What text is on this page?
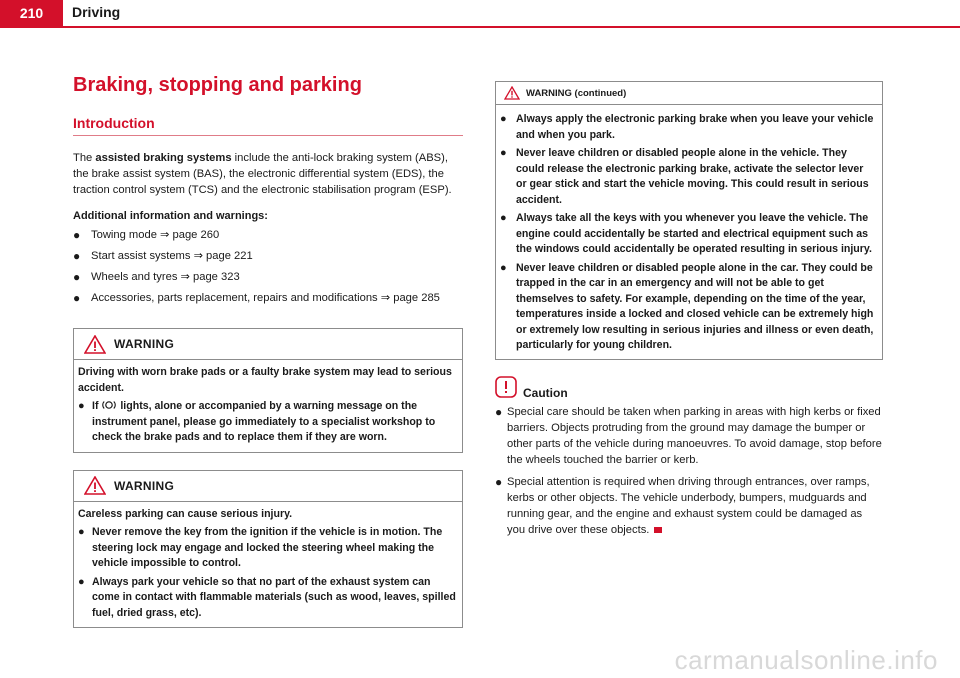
210	Driving
Braking, stopping and parking
Introduction

The assisted braking systems include the anti-lock braking system (ABS), the brake assist system (BAS), the electronic differential system (EDS), the traction control system (TCS) and the electronic stabilisation program (ESP).

Additional information and warnings:
● Towing mode ⇒ page 260
● Start assist systems ⇒ page 221
● Wheels and tyres ⇒ page 323
● Accessories, parts replacement, repairs and modifications ⇒ page 285
WARNING
Driving with worn brake pads or a faulty brake system may lead to serious accident.
● If  lights, alone or accompanied by a warning message on the instrument panel, please go immediately to a specialist workshop to check the brake pads and to replace them if they are worn.
WARNING
Careless parking can cause serious injury.
● Never remove the key from the ignition if the vehicle is in motion. The steering lock may engage and locked the steering wheel making the vehicle impossible to control.
● Always park your vehicle so that no part of the exhaust system can come in contact with flammable materials (such as wood, leaves, spilled fuel, dried grass, etc).
WARNING (continued)
● Always apply the electronic parking brake when you leave your vehicle and when you park.
● Never leave children or disabled people alone in the vehicle. They could release the electronic parking brake, activate the selector lever or gear stick and start the vehicle moving. This could result in serious accident.
● Always take all the keys with you whenever you leave the vehicle. The engine could accidentally be started and electrical equipment such as the windows could accidentally be operated resulting in serious injury.
● Never leave children or disabled people alone in the car. They could be trapped in the car in an emergency and will not be able to get themselves to safety. For example, depending on the time of the year, temperatures inside a locked and closed vehicle can be extremely high or extremely low resulting in serious injuries and illness or even death, particularly for young children.
Caution
● Special care should be taken when parking in areas with high kerbs or fixed barriers. Objects protruding from the ground may damage the bumper or other parts of the vehicle during manoeuvres. To avoid damage, stop before the wheels touched the barrier or kerb.
● Special attention is required when driving through entrances, over ramps, kerbs or other objects. The vehicle underbody, bumpers, mudguards and running gear, and the engine and exhaust system could be damaged as you drive over these objects.
carmanualsonline.info
